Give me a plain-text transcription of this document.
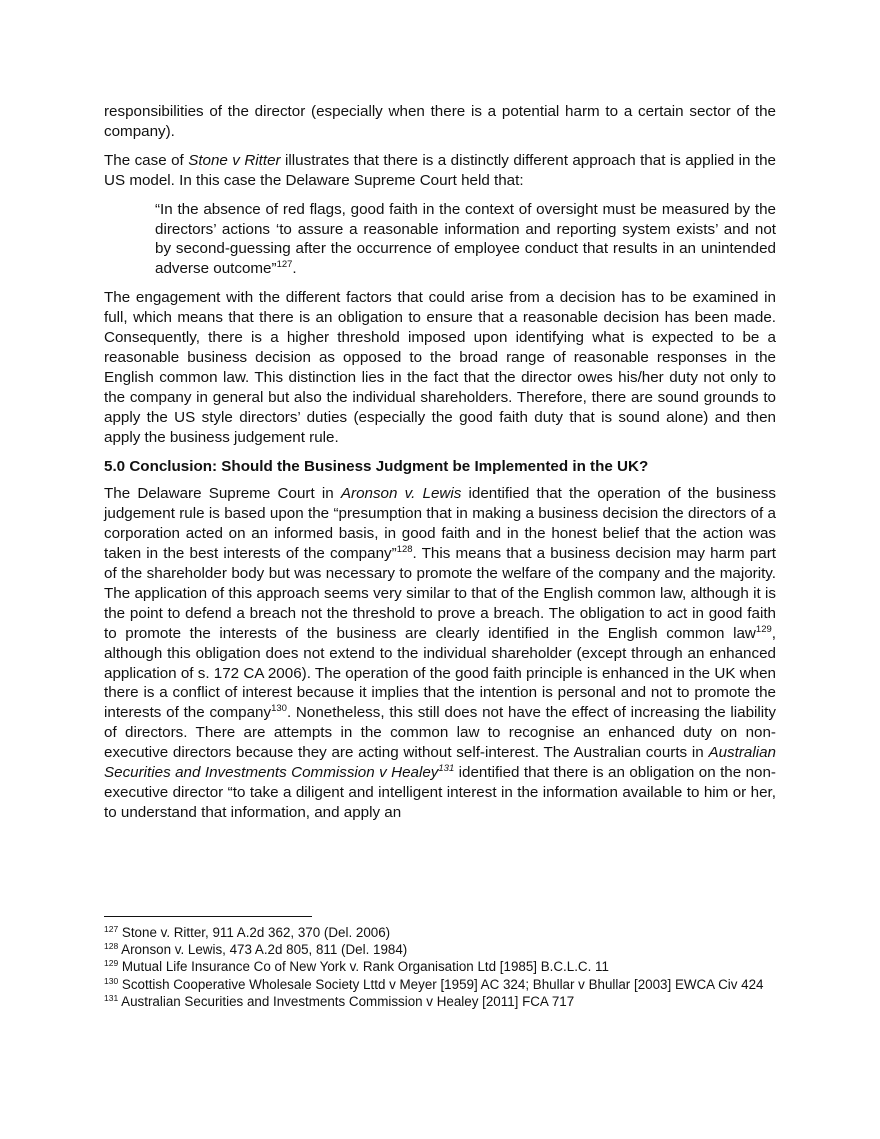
responsibilities of the director (especially when there is a potential harm to a certain sector of the company).

The case of Stone v Ritter illustrates that there is a distinctly different approach that is applied in the US model. In this case the Delaware Supreme Court held that:

“In the absence of red flags, good faith in the context of oversight must be measured by the directors’ actions ‘to assure a reasonable information and reporting system exists’ and not by second-guessing after the occurrence of employee conduct that results in an unintended adverse outcome”$^{127}$.

The engagement with the different factors that could arise from a decision has to be examined in full, which means that there is an obligation to ensure that a reasonable decision has been made. Consequently, there is a higher threshold imposed upon identifying what is expected to be a reasonable business decision as opposed to the broad range of reasonable responses in the English common law. This distinction lies in the fact that the director owes his/her duty not only to the company in general but also the individual shareholders. Therefore, there are sound grounds to apply the US style directors’ duties (especially the good faith duty that is sound alone) and then apply the business judgement rule.

5.0 Conclusion: Should the Business Judgment be Implemented in the UK?

The Delaware Supreme Court in Aronson v. Lewis identified that the operation of the business judgement rule is based upon the “presumption that in making a business decision the directors of a corporation acted on an informed basis, in good faith and in the honest belief that the action was taken in the best interests of the company”$^{128}$. This means that a business decision may harm part of the shareholder body but was necessary to promote the welfare of the company and the majority. The application of this approach seems very similar to that of the English common law, although it is the point to defend a breach not the threshold to prove a breach. The obligation to act in good faith to promote the interests of the business are clearly identified in the English common law$^{129}$, although this obligation does not extend to the individual shareholder (except through an enhanced application of s. 172 CA 2006). The operation of the good faith principle is enhanced in the UK when there is a conflict of interest because it implies that the intention is personal and not to promote the interests of the company$^{130}$. Nonetheless, this still does not have the effect of increasing the liability of directors. There are attempts in the common law to recognise an enhanced duty on non-executive directors because they are acting without self-interest. The Australian courts in Australian Securities and Investments Commission v Healey$^{131}$ identified that there is an obligation on the non-executive director “to take a diligent and intelligent interest in the information available to him or her, to understand that information, and apply an

$^{127}$ Stone v. Ritter, 911 A.2d 362, 370 (Del. 2006)

$^{128}$ Aronson v. Lewis, 473 A.2d 805, 811 (Del. 1984)

$^{129}$ Mutual Life Insurance Co of New York v. Rank Organisation Ltd [1985] B.C.L.C. 11

$^{130}$ Scottish Cooperative Wholesale Society Lttd v Meyer [1959] AC 324; Bhullar v Bhullar [2003] EWCA Civ 424

$^{131}$ Australian Securities and Investments Commission v Healey [2011] FCA 717
